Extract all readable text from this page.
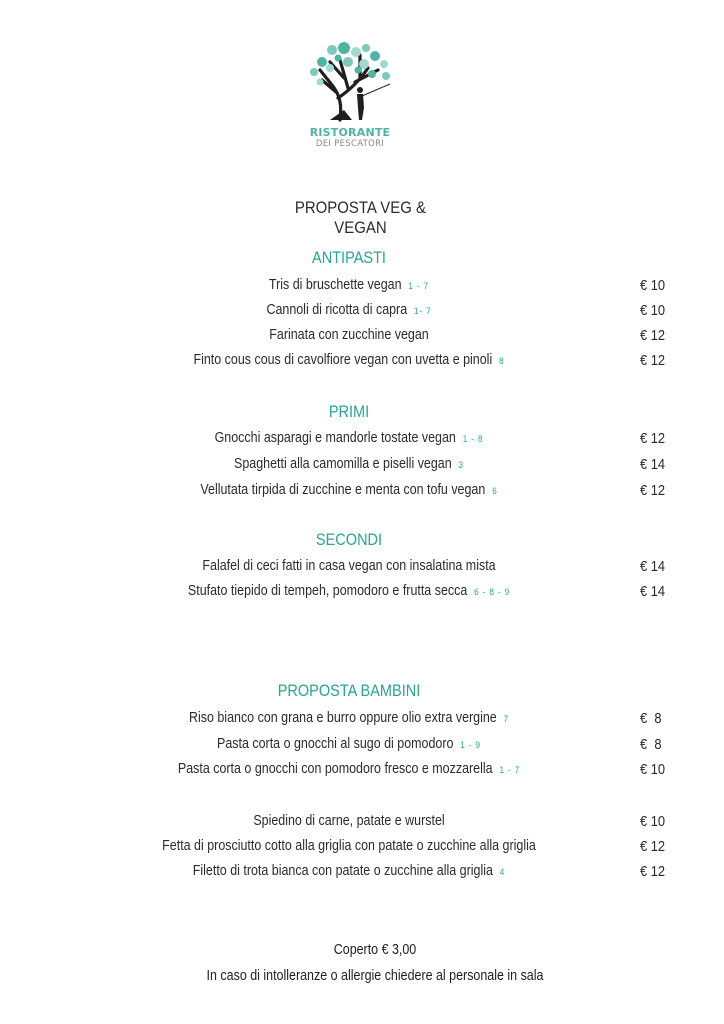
RISTORANTE
DEI PESCATORI
PROPOSTA VEG & VEGAN
ANTIPASTI
Tris di bruschette vegan 1 - 7	€ 10
Cannoli di ricotta di capra 1- 7	€ 10
Farinata con zucchine vegan	€ 12
Finto cous cous di cavolfiore vegan con uvetta e pinoli 8	€ 12
PRIMI
Gnocchi asparagi e mandorle tostate vegan 1 - 8	€ 12
Spaghetti alla camomilla e piselli vegan 3	€ 14
Vellutata tirpida di zucchine e menta con tofu vegan 6	€ 12
SECONDI
Falafel di ceci fatti in casa vegan con insalatina mista	€ 14
Stufato tiepido di tempeh, pomodoro e frutta secca 6 - 8 - 9	€ 14
PROPOSTA BAMBINI
Riso bianco con grana e burro oppure olio extra vergine 7	€  8
Pasta corta o gnocchi al sugo di pomodoro 1 - 9	€  8
Pasta corta o gnocchi con pomodoro fresco e mozzarella 1 - 7	€ 10
Spiedino di carne, patate e wurstel	€ 10
Fetta di prosciutto cotto alla griglia con patate o zucchine alla griglia	€ 12
Filetto di trota bianca con patate o zucchine alla griglia 4	€ 12
Coperto € 3,00
In caso di intolleranze o allergie chiedere al personale in sala
